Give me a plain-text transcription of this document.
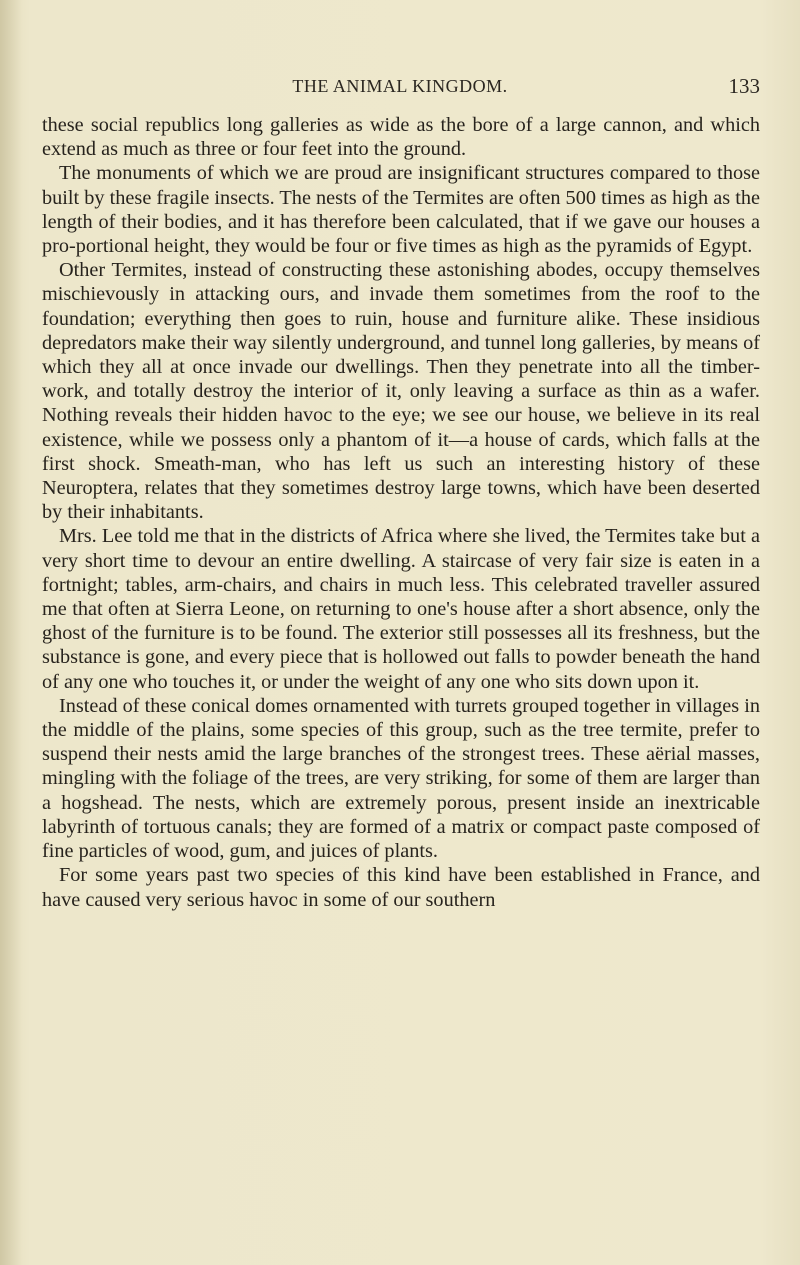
THE ANIMAL KINGDOM.	133

these social republics long galleries as wide as the bore of a large cannon, and which extend as much as three or four feet into the ground.

The monuments of which we are proud are insignificant structures compared to those built by these fragile insects. The nests of the Termites are often 500 times as high as the length of their bodies, and it has therefore been calculated, that if we gave our houses a pro-portional height, they would be four or five times as high as the pyramids of Egypt.

Other Termites, instead of constructing these astonishing abodes, occupy themselves mischievously in attacking ours, and invade them sometimes from the roof to the foundation; everything then goes to ruin, house and furniture alike. These insidious depredators make their way silently underground, and tunnel long galleries, by means of which they all at once invade our dwellings. Then they penetrate into all the timber-work, and totally destroy the interior of it, only leaving a surface as thin as a wafer. Nothing reveals their hidden havoc to the eye; we see our house, we believe in its real existence, while we possess only a phantom of it—a house of cards, which falls at the first shock. Smeath-man, who has left us such an interesting history of these Neuroptera, relates that they sometimes destroy large towns, which have been deserted by their inhabitants.

Mrs. Lee told me that in the districts of Africa where she lived, the Termites take but a very short time to devour an entire dwelling. A staircase of very fair size is eaten in a fortnight; tables, arm-chairs, and chairs in much less. This celebrated traveller assured me that often at Sierra Leone, on returning to one's house after a short absence, only the ghost of the furniture is to be found. The exterior still possesses all its freshness, but the substance is gone, and every piece that is hollowed out falls to powder beneath the hand of any one who touches it, or under the weight of any one who sits down upon it.

Instead of these conical domes ornamented with turrets grouped together in villages in the middle of the plains, some species of this group, such as the tree termite, prefer to suspend their nests amid the large branches of the strongest trees. These aërial masses, mingling with the foliage of the trees, are very striking, for some of them are larger than a hogshead. The nests, which are extremely porous, present inside an inextricable labyrinth of tortuous canals; they are formed of a matrix or compact paste composed of fine particles of wood, gum, and juices of plants.

For some years past two species of this kind have been established in France, and have caused very serious havoc in some of our southern
